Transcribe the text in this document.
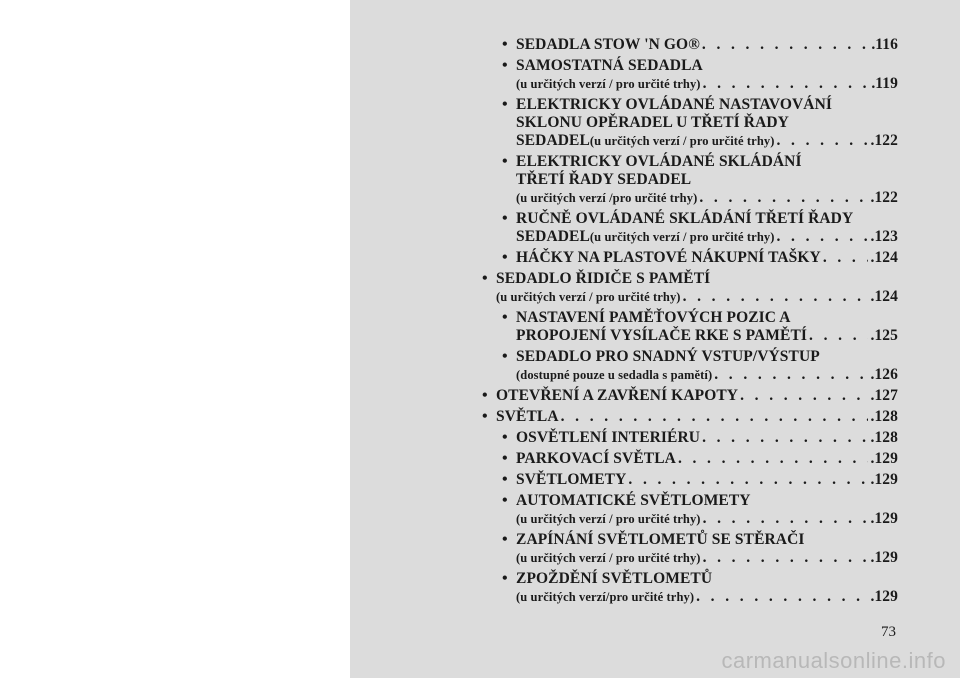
• SEDADLA STOW 'N GO® . . .	.116
• SAMOSTATNÁ SEDADLA
(u určitých verzí / pro určité trhy) . . .	.119
• ELEKTRICKY OVLÁDANÉ NASTAVOVÁNÍ
SKLONU OPĚRADEL U TŘETÍ ŘADY
SEDADEL (u určitých verzí / pro určité trhy) . . .	.122
• ELEKTRICKY OVLÁDANÉ SKLÁDÁNÍ
TŘETÍ ŘADY SEDADEL
(u určitých verzí /pro určité trhy) . . .	.122
• RUČNĚ OVLÁDANÉ SKLÁDÁNÍ TŘETÍ ŘADY
SEDADEL (u určitých verzí / pro určité trhy) . . .	.123
• HÁČKY NA PLASTOVÉ NÁKUPNÍ TAŠKY . . .	.124
• SEDADLO ŘIDIČE S PAMĚTÍ
(u určitých verzí / pro určité trhy) . . .	.124
• NASTAVENÍ PAMĚŤOVÝCH POZIC A
PROPOJENÍ VYSÍLAČE RKE S PAMĚTÍ . . .	.125
• SEDADLO PRO SNADNÝ VSTUP/VÝSTUP
(dostupné pouze u sedadla s pamětí) . . .	.126
• OTEVŘENÍ A ZAVŘENÍ KAPOTY . . .	.127
• SVĚTLA . . .	.128
• OSVĚTLENÍ INTERIÉRU . . .	.128
• PARKOVACÍ SVĚTLA . . .	.129
• SVĚTLOMETY . . .	.129
• AUTOMATICKÉ SVĚTLOMETY
(u určitých verzí / pro určité trhy) . . .	.129
• ZAPÍNÁNÍ SVĚTLOMETŮ SE STĚRAČI
(u určitých verzí / pro určité trhy) . . .	.129
• ZPOŽDĚNÍ SVĚTLOMETŮ
(u určitých verzí/pro určité trhy) . . .	.129
73
carmanualsonline.info
